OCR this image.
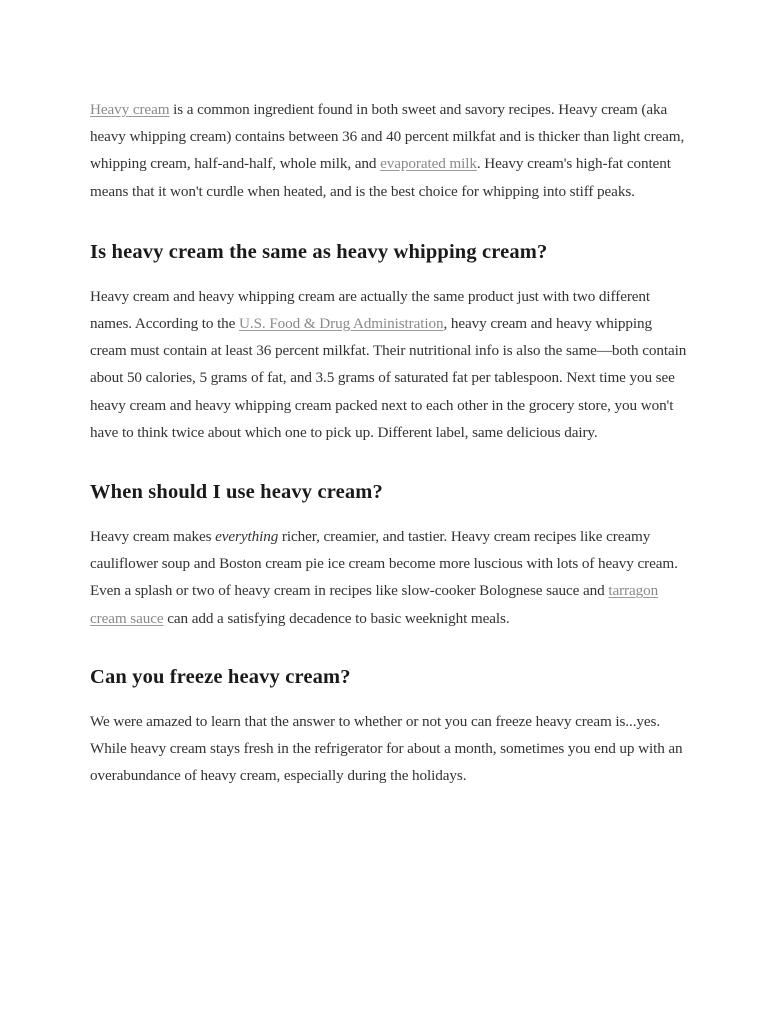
Heavy cream is a common ingredient found in both sweet and savory recipes. Heavy cream (aka heavy whipping cream) contains between 36 and 40 percent milkfat and is thicker than light cream, whipping cream, half-and-half, whole milk, and evaporated milk. Heavy cream's high-fat content means that it won't curdle when heated, and is the best choice for whipping into stiff peaks.

Is heavy cream the same as heavy whipping cream?

Heavy cream and heavy whipping cream are actually the same product just with two different names. According to the U.S. Food & Drug Administration, heavy cream and heavy whipping cream must contain at least 36 percent milkfat. Their nutritional info is also the same—both contain about 50 calories, 5 grams of fat, and 3.5 grams of saturated fat per tablespoon. Next time you see heavy cream and heavy whipping cream packed next to each other in the grocery store, you won't have to think twice about which one to pick up. Different label, same delicious dairy.

When should I use heavy cream?

Heavy cream makes everything richer, creamier, and tastier. Heavy cream recipes like creamy cauliflower soup and Boston cream pie ice cream become more luscious with lots of heavy cream. Even a splash or two of heavy cream in recipes like slow-cooker Bolognese sauce and tarragon cream sauce can add a satisfying decadence to basic weeknight meals.

Can you freeze heavy cream?

We were amazed to learn that the answer to whether or not you can freeze heavy cream is...yes. While heavy cream stays fresh in the refrigerator for about a month, sometimes you end up with an overabundance of heavy cream, especially during the holidays.
